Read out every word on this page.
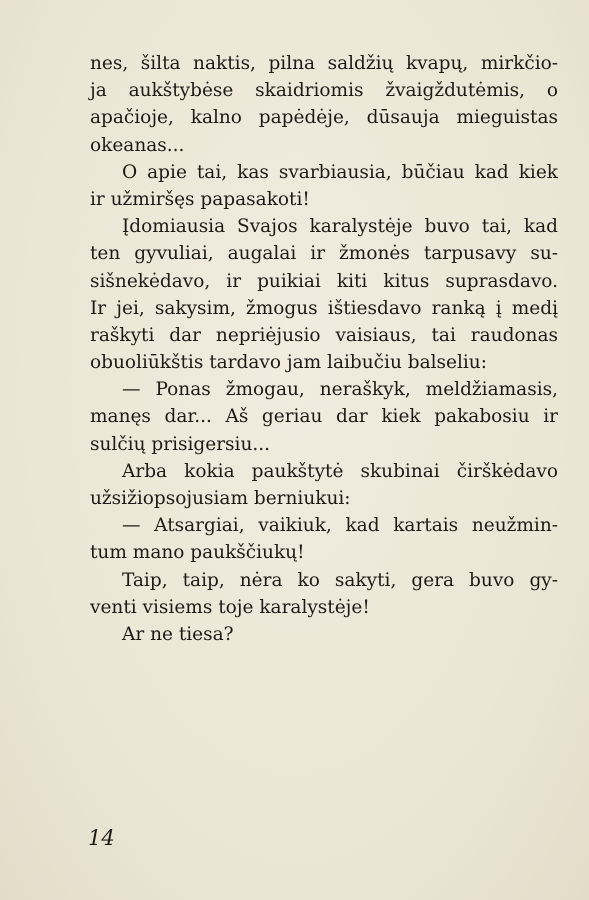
nes, šilta naktis, pilna saldžių kvapų, mirkčio-
ja aukštybėse skaidriomis žvaigždutėmis, o
apačioje, kalno papėdėje, dūsauja mieguistas
okeanas...
O apie tai, kas svarbiausia, būčiau kad kiek
ir užmiršęs papasakoti!
Įdomiausia Svajos karalystėje buvo tai, kad
ten gyvuliai, augalai ir žmonės tarpusavy su-
sišnekėdavo, ir puikiai kiti kitus suprasdavo.
Ir jei, sakysim, žmogus ištiesdavo ranką į medį
raškyti dar nepriėjusio vaisiaus, tai raudonas
obuoliūkštis tardavo jam laibučiu balseliu:
— Ponas žmogau, neraškyk, meldžiamasis,
manęs dar... Aš geriau dar kiek pakabosiu ir
sulčių prisigersiu...
Arba kokia paukštytė skubinai čirškėdavo
užsižiopsojusiam berniukui:
— Atsargiai, vaikiuk, kad kartais neužmin-
tum mano paukščiukų!
Taip, taip, nėra ko sakyti, gera buvo gy-
venti visiems toje karalystėje!
Ar ne tiesa?
14
